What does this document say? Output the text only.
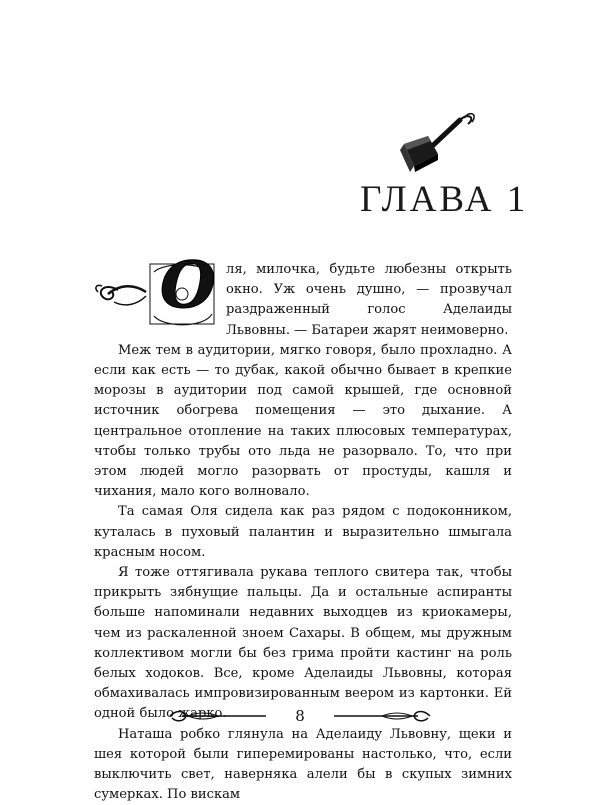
ГЛАВА 1
О ля, милочка, будьте любезны открыть окно. Уж очень душно, — прозвучал раздраженный голос Аделаиды Львовны. — Батареи жарят неимоверно.

Меж тем в аудитории, мягко говоря, было прохладно. А если как есть — то дубак, какой обычно бывает в крепкие морозы в аудитории под самой крышей, где основной источник обогрева помещения — это дыхание. А центральное отопление на таких плюсовых температурах, чтобы только трубы ото льда не разорвало. То, что при этом людей могло разорвать от простуды, кашля и чихания, мало кого волновало.

Та самая Оля сидела как раз рядом с подоконником, куталась в пуховый палантин и выразительно шмыгала красным носом.

Я тоже оттягивала рукава теплого свитера так, чтобы прикрыть зябнущие пальцы. Да и остальные аспиранты больше напоминали недавних выходцев из криокамеры, чем из раскаленной зноем Сахары. В общем, мы дружным коллективом могли бы без грима пройти кастинг на роль белых ходоков. Все, кроме Аделаиды Львовны, которая обмахивалась импровизированным веером из картонки. Ей одной было жарко.

Наташа робко глянула на Аделаиду Львовну, щеки и шея которой были гиперемированы настолько, что, если выключить свет, наверняка алели бы в скупых зимних сумерках. По вискам

8
